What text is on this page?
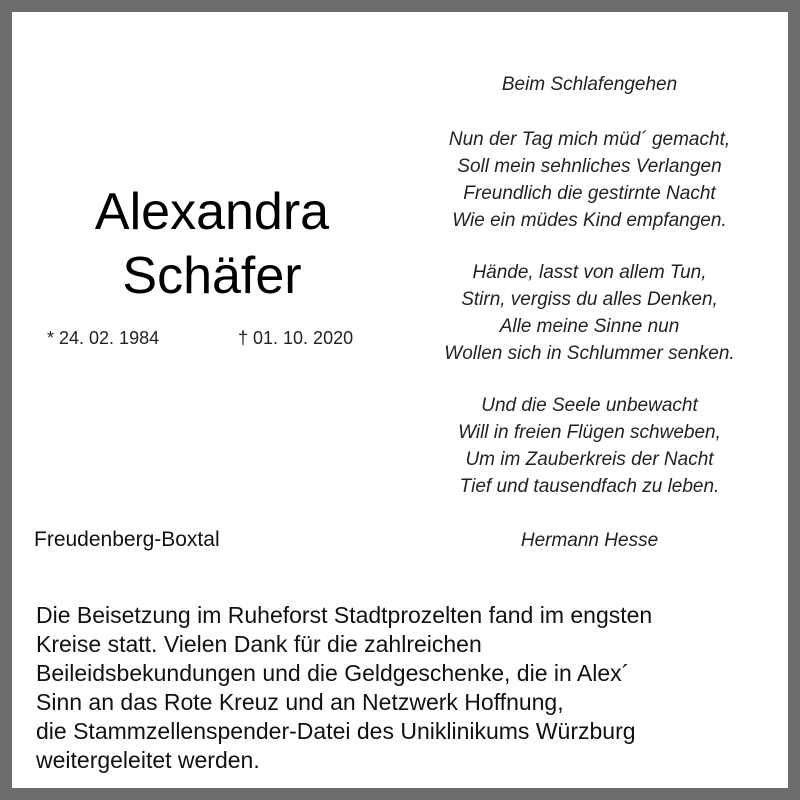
Alexandra
Schäfer
* 24. 02. 1984	† 01. 10. 2020
Freudenberg-Boxtal
Beim Schlafengehen
Nun der Tag mich müd´ gemacht,
Soll mein sehnliches Verlangen
Freundlich die gestirnte Nacht
Wie ein müdes Kind empfangen.
Hände, lasst von allem Tun,
Stirn, vergiss du alles Denken,
Alle meine Sinne nun
Wollen sich in Schlummer senken.
Und die Seele unbewacht
Will in freien Flügen schweben,
Um im Zauberkreis der Nacht
Tief und tausendfach zu leben.
Hermann Hesse
Die Beisetzung im Ruheforst Stadtprozelten fand im engsten
Kreise statt. Vielen Dank für die zahlreichen
Beileidsbekundungen und die Geldgeschenke, die in Alex´
Sinn an das Rote Kreuz und an Netzwerk Hoffnung,
die Stammzellenspender-Datei des Uniklinikums Würzburg
weitergeleitet werden.
